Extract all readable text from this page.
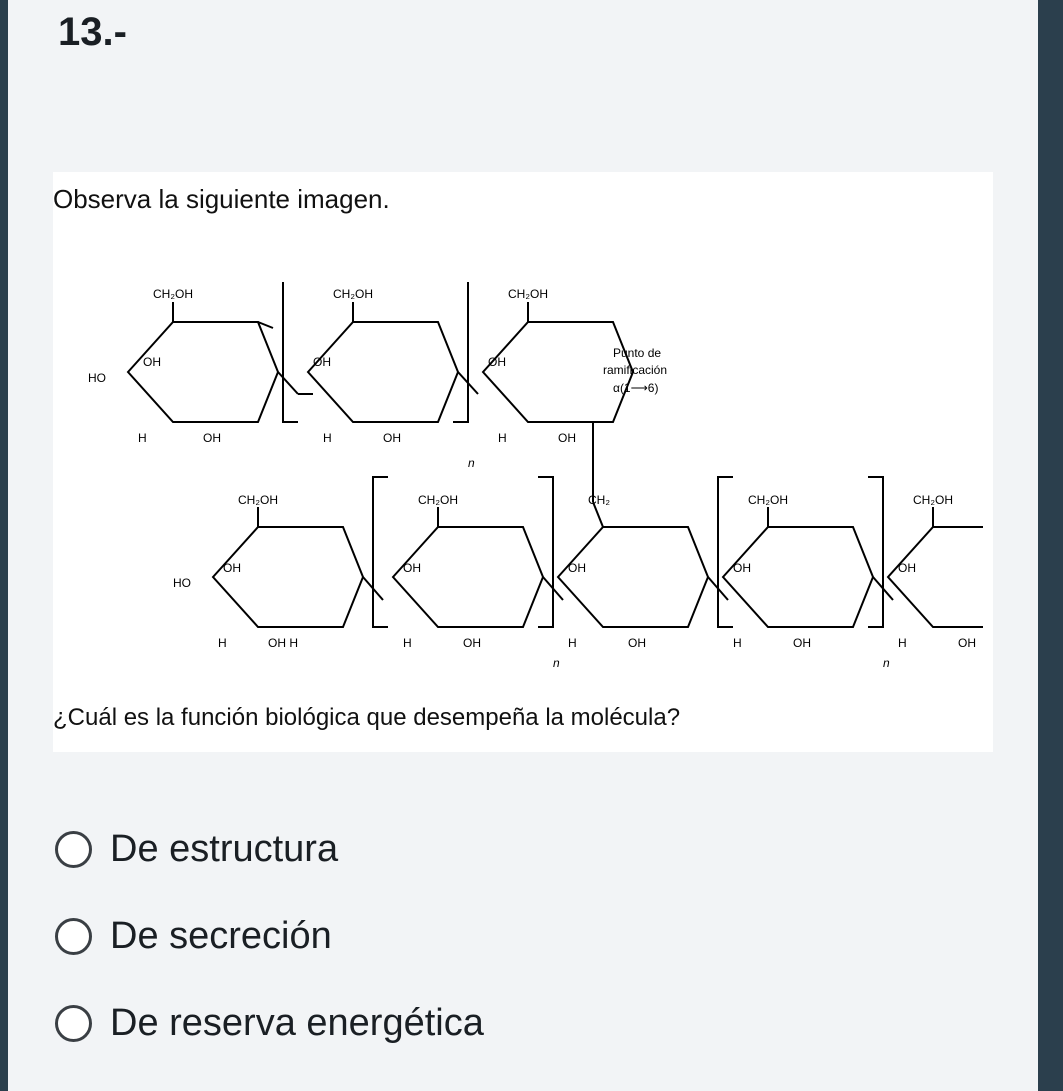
13.-
Observa la siguiente imagen.
CH₂OH	CH₂OH	CH₂OH
HO
OH	OH	OH
H	OH	H	OH	H	OH
n
Punto de
ramificación
α(1⟶6)
CH₂OH	CH₂OH	CH₂	CH₂OH	CH₂OH
HO
OH	OH	OH	OH	OH
H	OH H	H	OH	H	OH	H	OH	H	OH
n	n
¿Cuál es la función biológica que desempeña la molécula?
De estructura
De secreción
De reserva energética
